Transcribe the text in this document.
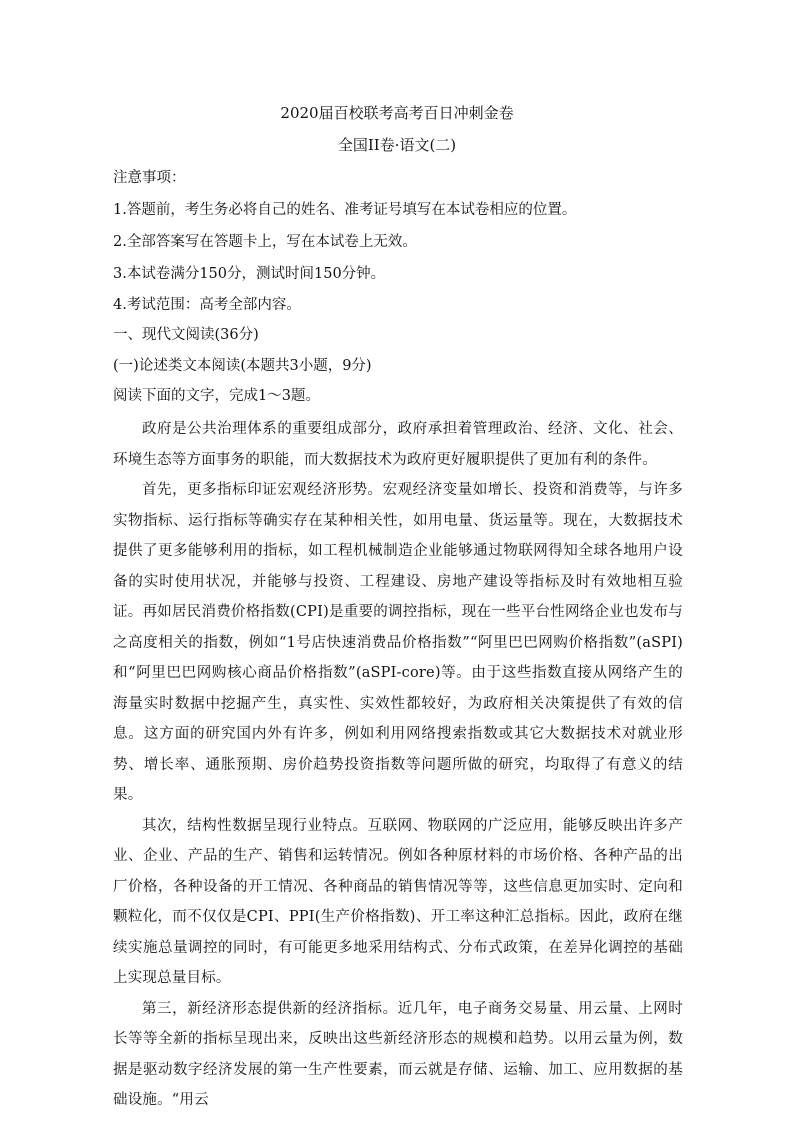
2020届百校联考高考百日冲刺金卷
全国II卷·语文(二)
注意事项：
1.答题前，考生务必将自己的姓名、准考证号填写在本试卷相应的位置。
2.全部答案写在答题卡上，写在本试卷上无效。
3.本试卷满分150分，测试时间150分钟。
4.考试范围：高考全部内容。
一、现代文阅读(36分)
(一)论述类文本阅读(本题共3小题，9分)
阅读下面的文字，完成1～3题。

政府是公共治理体系的重要组成部分，政府承担着管理政治、经济、文化、社会、环境生态等方面事务的职能，而大数据技术为政府更好履职提供了更加有利的条件。

首先，更多指标印证宏观经济形势。宏观经济变量如增长、投资和消费等，与许多实物指标、运行指标等确实存在某种相关性，如用电量、货运量等。现在，大数据技术提供了更多能够利用的指标，如工程机械制造企业能够通过物联网得知全球各地用户设备的实时使用状况，并能够与投资、工程建设、房地产建设等指标及时有效地相互验证。再如居民消费价格指数(CPI)是重要的调控指标，现在一些平台性网络企业也发布与之高度相关的指数，例如“1号店快速消费品价格指数”“阿里巴巴网购价格指数”(aSPI)和“阿里巴巴网购核心商品价格指数”(aSPI-core)等。由于这些指数直接从网络产生的海量实时数据中挖掘产生，真实性、实效性都较好，为政府相关决策提供了有效的信息。这方面的研究国内外有许多，例如利用网络搜索指数或其它大数据技术对就业形势、增长率、通胀预期、房价趋势投资指数等问题所做的研究，均取得了有意义的结果。

其次，结构性数据呈现行业特点。互联网、物联网的广泛应用，能够反映出许多产业、企业、产品的生产、销售和运转情况。例如各种原材料的市场价格、各种产品的出厂价格，各种设备的开工情况、各种商品的销售情况等等，这些信息更加实时、定向和颗粒化，而不仅仅是CPI、PPI(生产价格指数)、开工率这种汇总指标。因此，政府在继续实施总量调控的同时，有可能更多地采用结构式、分布式政策，在差异化调控的基础上实现总量目标。

第三，新经济形态提供新的经济指标。近几年，电子商务交易量、用云量、上网时长等等全新的指标呈现出来，反映出这些新经济形态的规模和趋势。以用云量为例，数据是驱动数字经济发展的第一生产性要素，而云就是存储、运输、加工、应用数据的基础设施。“用云
